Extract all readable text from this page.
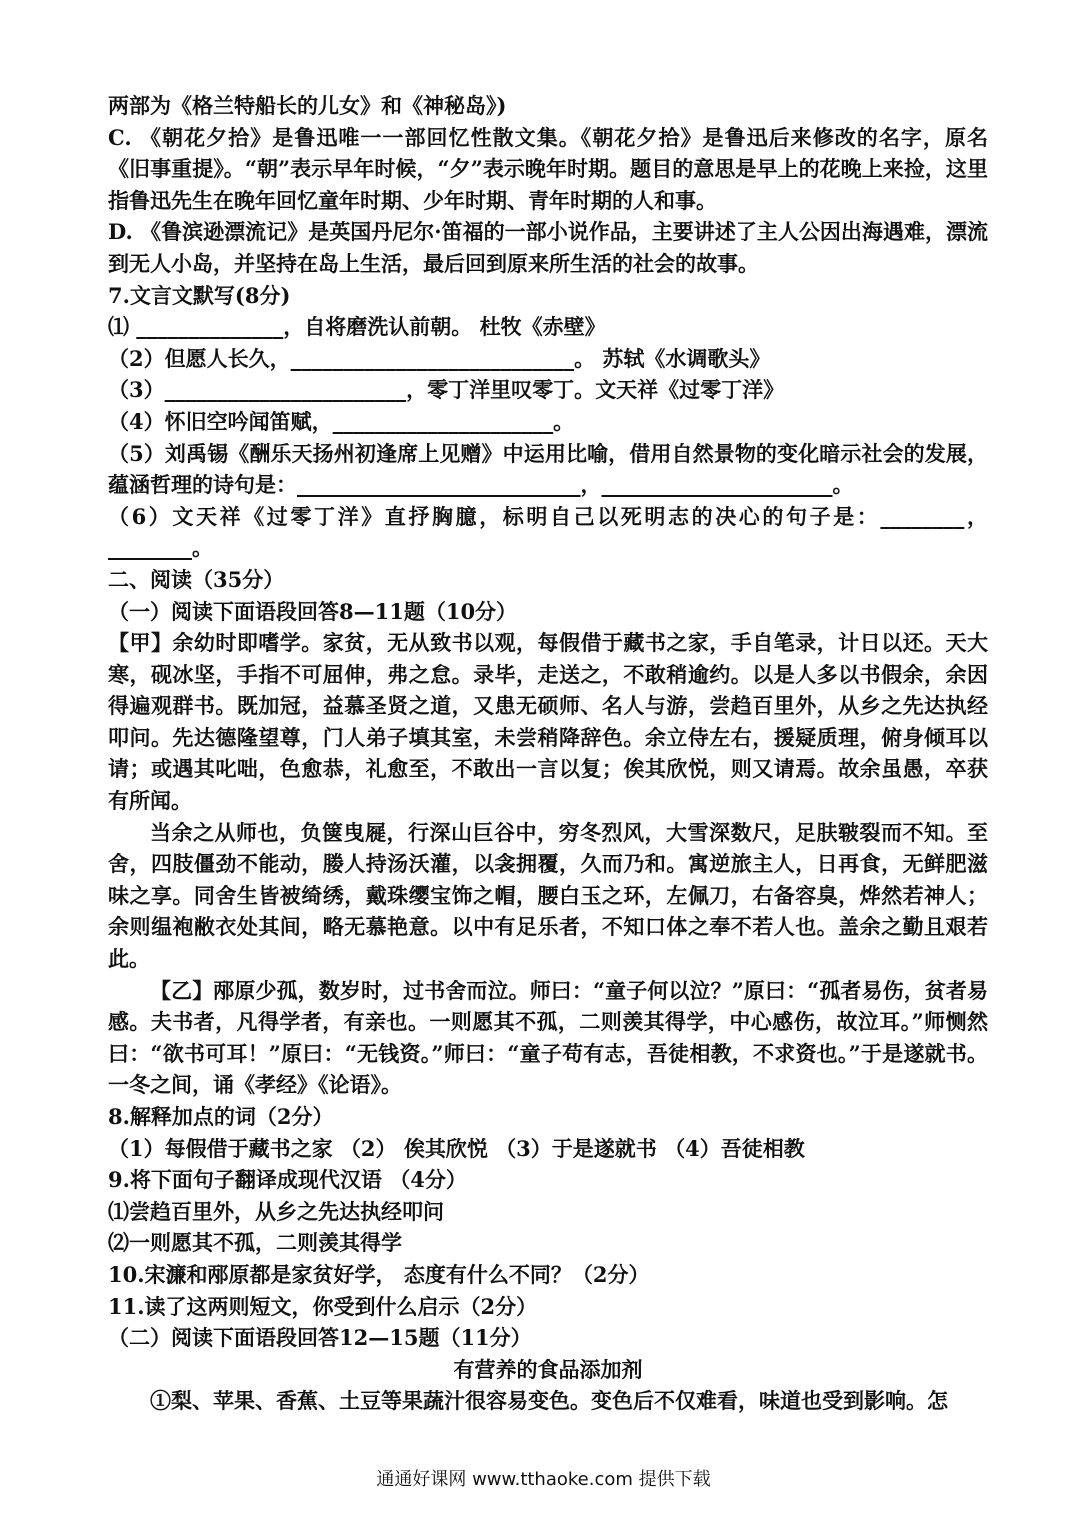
两部为《格兰特船长的儿女》和《神秘岛》)

C. 《朝花夕拾》是鲁迅唯一一部回忆性散文集。《朝花夕拾》是鲁迅后来修改的名字，原名《旧事重提》。“朝”表示早年时候，“夕”表示晚年时期。题目的意思是早上的花晚上来捡，这里指鲁迅先生在晚年回忆童年时期、少年时期、青年时期的人和事。

D. 《鲁滨逊漂流记》是英国丹尼尔·笛福的一部小说作品，主要讲述了主人公因出海遇难，漂流到无人小岛，并坚持在岛上生活，最后回到原来所生活的社会的故事。

7.文言文默写(8分)

⑴ ______________，自将磨洗认前朝。 杜牧《赤壁》

（2）但愿人长久，___________________________。 苏轼《水调歌头》

（3）_______________________，零丁洋里叹零丁。文天祥《过零丁洋》

（4）怀旧空吟闻笛赋，_____________________。

（5）刘禹锡《酬乐天扬州初逢席上见赠》中运用比喻，借用自然景物的变化暗示社会的发展，蕴涵哲理的诗句是：___________________________，______________________。

（6）文天祥《过零丁洋》直抒胸臆，标明自己以死明志的决心的句子是：________，________。

二、阅读（35分）

（一）阅读下面语段回答8—11题（10分）

【甲】余幼时即嗜学。家贫，无从致书以观，每假借于藏书之家，手自笔录，计日以还。天大寒，砚冰坚，手指不可屈伸，弗之怠。录毕，走送之，不敢稍逾约。以是人多以书假余，余因得遍观群书。既加冠，益慕圣贤之道，又患无硕师、名人与游，尝趋百里外，从乡之先达执经叩问。先达德隆望尊，门人弟子填其室，未尝稍降辞色。余立侍左右，援疑质理，俯身倾耳以请；或遇其叱咄，色愈恭，礼愈至，不敢出一言以复；俟其欣悦，则又请焉。故余虽愚，卒获有所闻。

当余之从师也，负箧曳屣，行深山巨谷中，穷冬烈风，大雪深数尺，足肤皲裂而不知。至舍，四肢僵劲不能动，媵人持汤沃灌，以衾拥覆，久而乃和。寓逆旅主人，日再食，无鲜肥滋味之享。同舍生皆被绮绣，戴珠缨宝饰之帽，腰白玉之环，左佩刀，右备容臭，烨然若神人；余则缊袍敝衣处其间，略无慕艳意。以中有足乐者，不知口体之奉不若人也。盖余之勤且艰若此。

【乙】邴原少孤，数岁时，过书舍而泣。师曰：“童子何以泣？”原曰：“孤者易伤，贫者易感。夫书者，凡得学者，有亲也。一则愿其不孤，二则羡其得学，中心感伤，故泣耳。”师恻然曰：“欲书可耳！”原曰：“无钱资。”师曰：“童子苟有志，吾徒相教，不求资也。”于是遂就书。一冬之间，诵《孝经》《论语》。

8.解释加点的词（2分）

（1）每假借于藏书之家 （2） 俟其欣悦 （3）于是遂就书 （4）吾徒相教

9.将下面句子翻译成现代汉语 （4分）

⑴尝趋百里外，从乡之先达执经叩问

⑵一则愿其不孤，二则羡其得学

10.宋濂和邴原都是家贫好学， 态度有什么不同？（2分）

11.读了这两则短文，你受到什么启示（2分）

（二）阅读下面语段回答12—15题（11分）

有营养的食品添加剂

①梨、苹果、香蕉、土豆等果蔬汁很容易变色。变色后不仅难看，味道也受到影响。怎

通通好课网 www.tthaoke.com 提供下载
